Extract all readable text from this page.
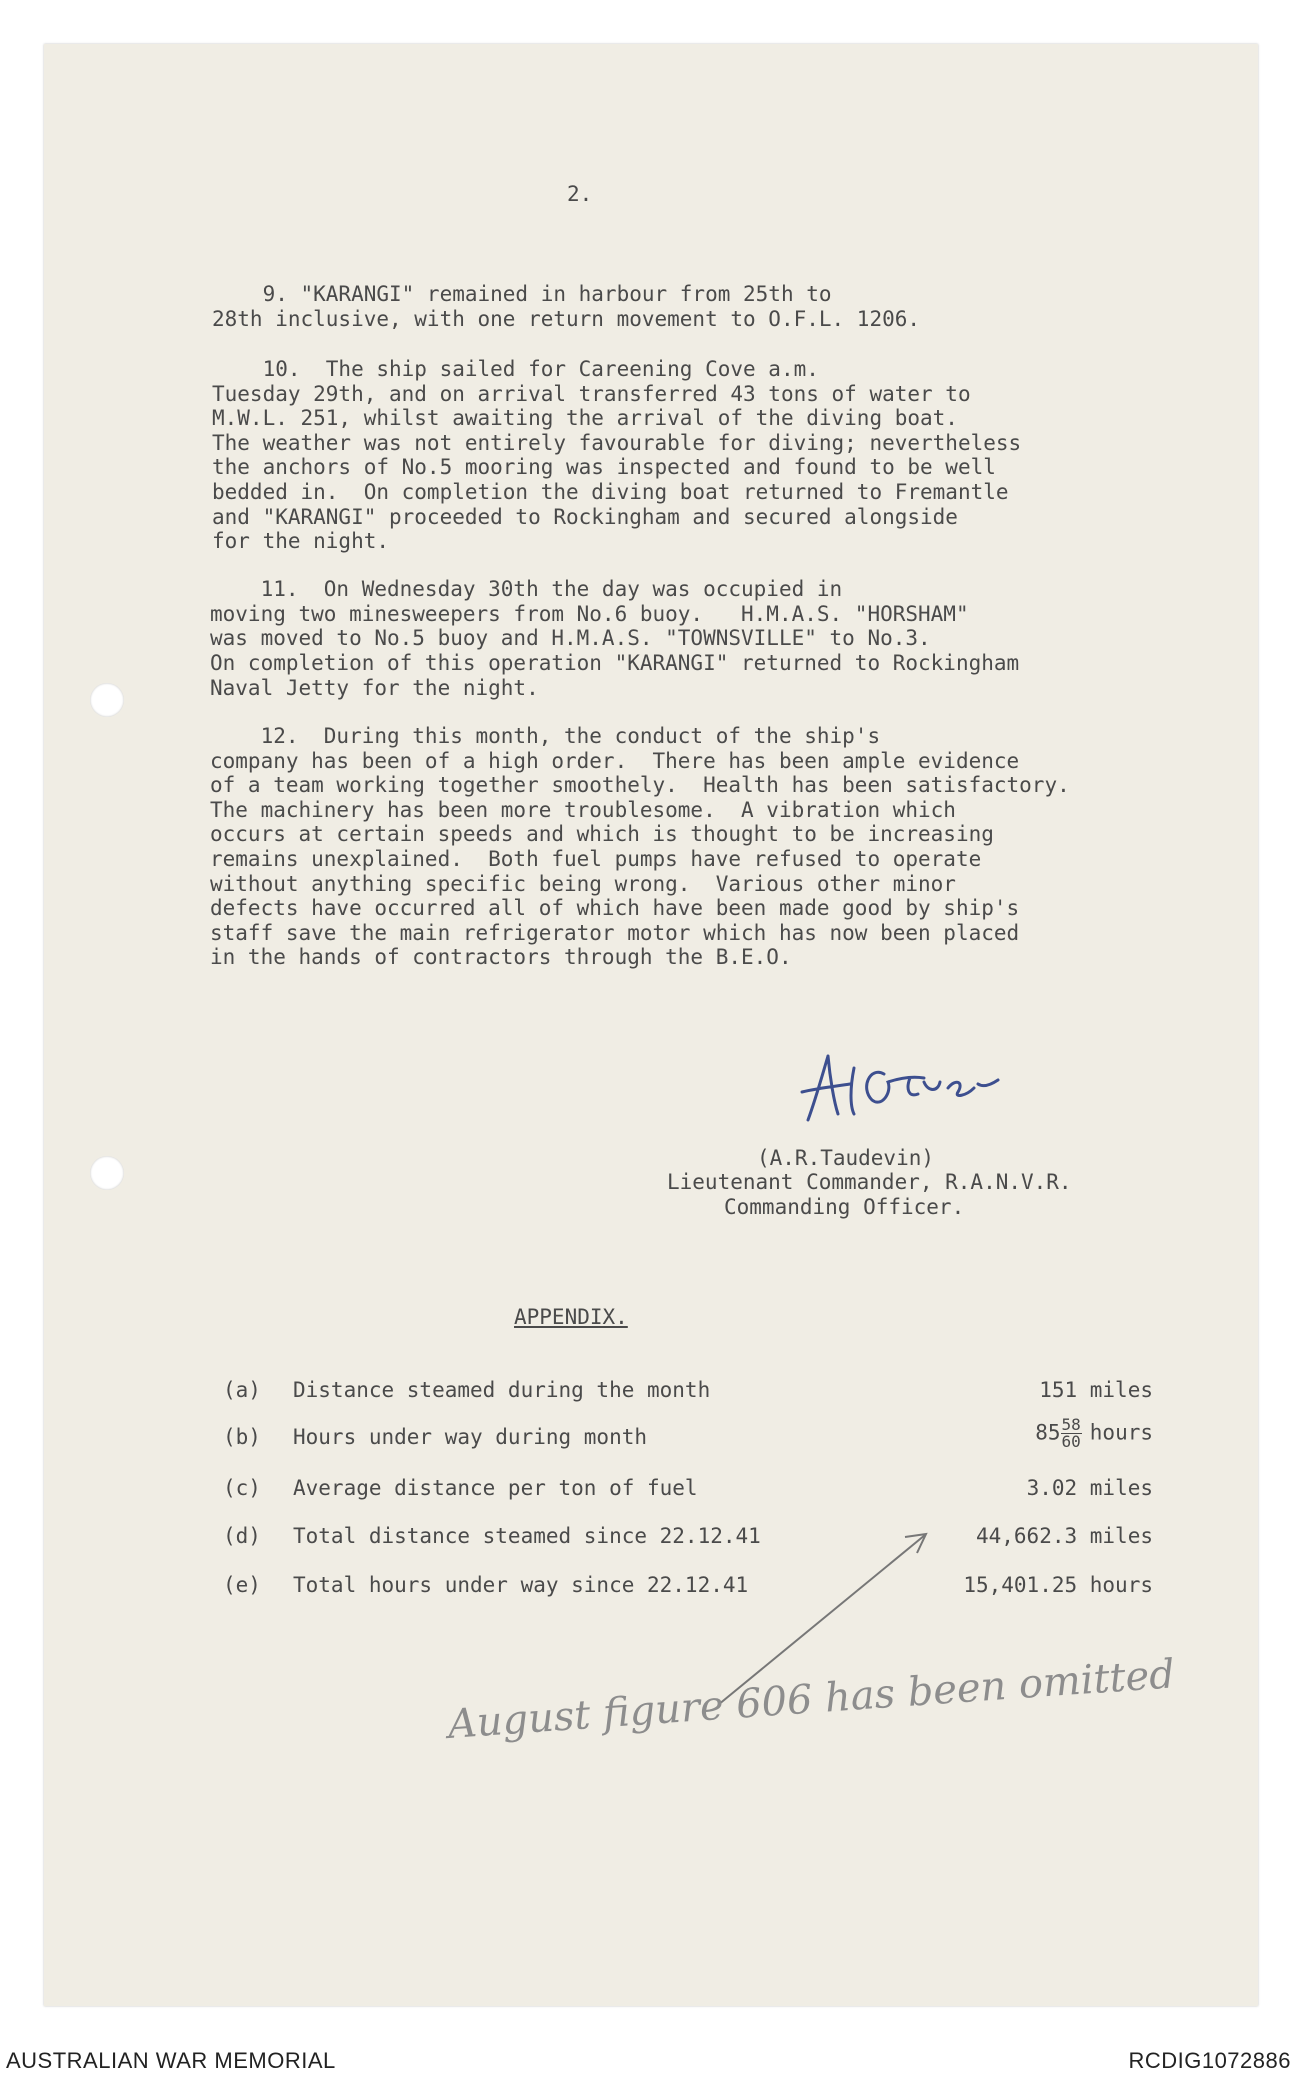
2.
9. "KARANGI" remained in harbour from 25th to
28th inclusive, with one return movement to O.F.L. 1206.
10.  The ship sailed for Careening Cove a.m.
Tuesday 29th, and on arrival transferred 43 tons of water to
M.W.L. 251, whilst awaiting the arrival of the diving boat.
The weather was not entirely favourable for diving; nevertheless
the anchors of No.5 mooring was inspected and found to be well
bedded in.  On completion the diving boat returned to Fremantle
and "KARANGI" proceeded to Rockingham and secured alongside
for the night.
11.  On Wednesday 30th the day was occupied in
moving two minesweepers from No.6 buoy.   H.M.A.S. "HORSHAM"
was moved to No.5 buoy and H.M.A.S. "TOWNSVILLE" to No.3.
On completion of this operation "KARANGI" returned to Rockingham
Naval Jetty for the night.
12.  During this month, the conduct of the ship's
company has been of a high order.  There has been ample evidence
of a team working together smoothely.  Health has been satisfactory.
The machinery has been more troublesome.  A vibration which
occurs at certain speeds and which is thought to be increasing
remains unexplained.  Both fuel pumps have refused to operate
without anything specific being wrong.  Various other minor
defects have occurred all of which have been made good by ship's
staff save the main refrigerator motor which has now been placed
in the hands of contractors through the B.E.O.
(A.R.Taudevin)
Lieutenant Commander, R.A.N.V.R.
Commanding Officer.
APPENDIX.
(a) Distance steamed during the month	151 miles
(b) Hours under way during month	$85 \frac{58}{60}$ hours
(c) Average distance per ton of fuel	3.02 miles
(d) Total distance steamed since 22.12.41	44,662.3 miles
(e) Total hours under way since 22.12.41	15,401.25 hours
August figure 606 has been omitted
AUSTRALIAN WAR MEMORIAL	RCDIG1072886
